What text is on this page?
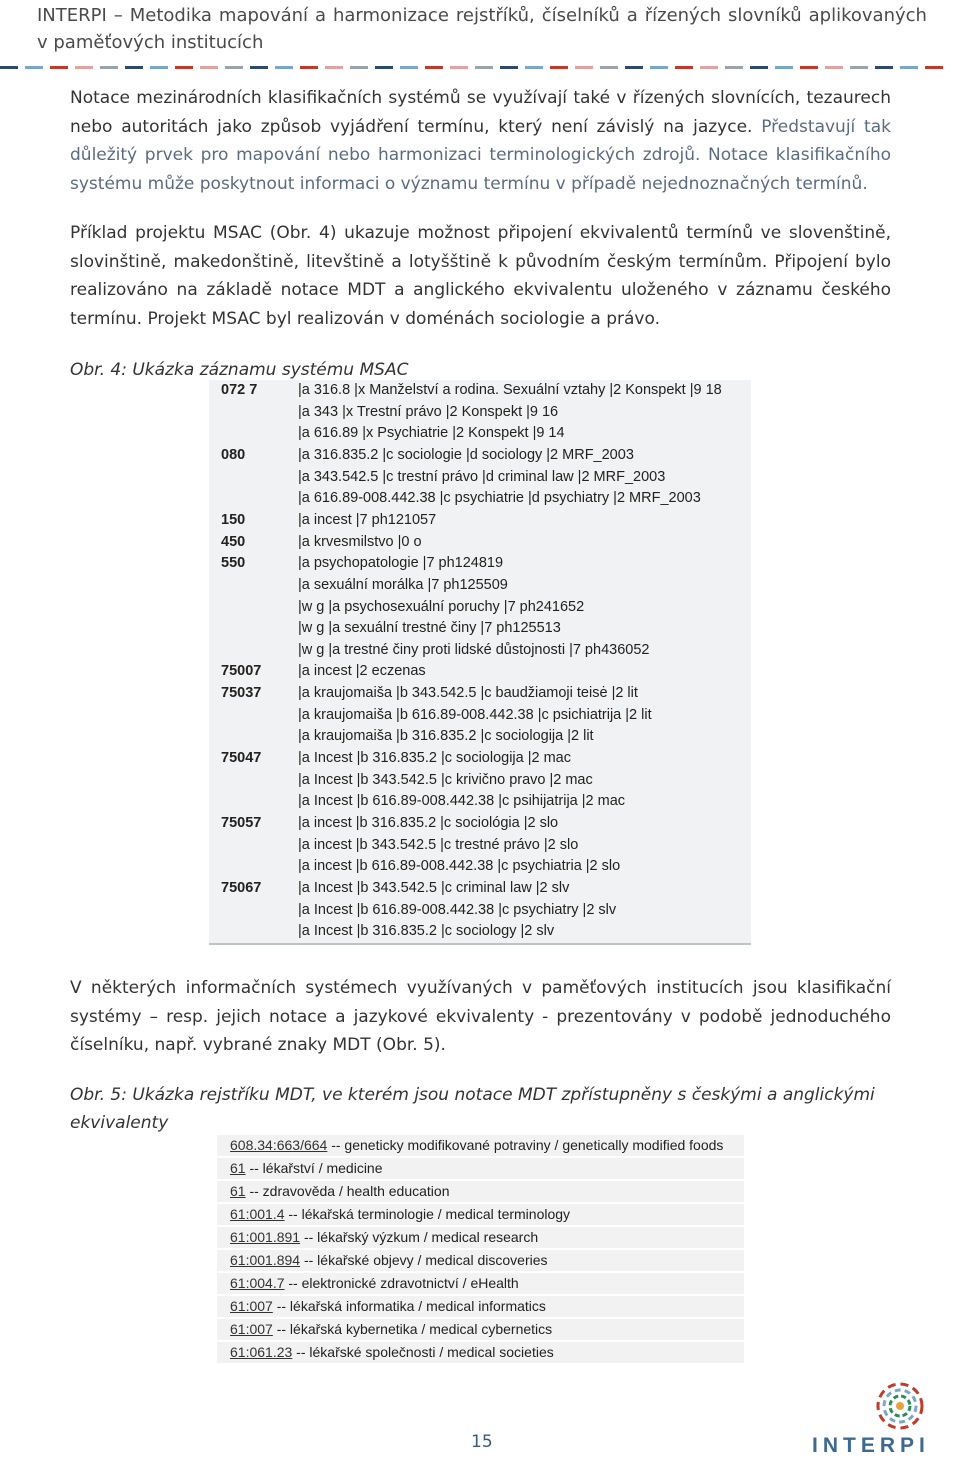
INTERPI – Metodika mapování a harmonizace rejstříků, číselníků a řízených slovníků aplikovaných
v paměťových institucích
Notace mezinárodních klasifikačních systémů se využívají také v řízených slovnících, tezaurech nebo autoritách jako způsob vyjádření termínu, který není závislý na jazyce. Představují tak důležitý prvek pro mapování nebo harmonizaci terminologických zdrojů. Notace klasifikačního systému může poskytnout informaci o významu termínu v případě nejednoznačných termínů.
Příklad projektu MSAC (Obr. 4) ukazuje možnost připojení ekvivalentů termínů ve slovenštině, slovinštině, makedonštině, litevštině a lotyšštině k původním českým termínům. Připojení bylo realizováno na základě notace MDT a anglického ekvivalentu uloženého v záznamu českého termínu. Projekt MSAC byl realizován v doménách sociologie a právo.
Obr. 4: Ukázka záznamu systému MSAC
072 7	|a 316.8 |x Manželství a rodina. Sexuální vztahy |2 Konspekt |9 18
|a 343 |x Trestní právo |2 Konspekt |9 16
|a 616.89 |x Psychiatrie |2 Konspekt |9 14
080	|a 316.835.2 |c sociologie |d sociology |2 MRF_2003
|a 343.542.5 |c trestní právo |d criminal law |2 MRF_2003
|a 616.89-008.442.38 |c psychiatrie |d psychiatry |2 MRF_2003
150	|a incest |7 ph121057
450	|a krvesmilstvo |0 o
550	|a psychopatologie |7 ph124819
|a sexuální morálka |7 ph125509
|w g |a psychosexuální poruchy |7 ph241652
|w g |a sexuální trestné činy |7 ph125513
|w g |a trestné činy proti lidské důstojnosti |7 ph436052
75007	|a incest |2 eczenas
75037	|a kraujomaiša |b 343.542.5 |c baudžiamoji teisė |2 lit
|a kraujomaiša |b 616.89-008.442.38 |c psichiatrija |2 lit
|a kraujomaiša |b 316.835.2 |c sociologija |2 lit
75047	|a Incest |b 316.835.2 |c sociologija |2 mac
|a Incest |b 343.542.5 |c krivično pravo |2 mac
|a Incest |b 616.89-008.442.38 |c psihijatrija |2 mac
75057	|a incest |b 316.835.2 |c sociológia |2 slo
|a incest |b 343.542.5 |c trestné právo |2 slo
|a incest |b 616.89-008.442.38 |c psychiatria |2 slo
75067	|a Incest |b 343.542.5 |c criminal law |2 slv
|a Incest |b 616.89-008.442.38 |c psychiatry |2 slv
|a Incest |b 316.835.2 |c sociology |2 slv
V některých informačních systémech využívaných v paměťových institucích jsou klasifikační systémy – resp. jejich notace a jazykové ekvivalenty - prezentovány v podobě jednoduchého číselníku, např. vybrané znaky MDT (Obr. 5).
Obr. 5: Ukázka rejstříku MDT, ve kterém jsou notace MDT zpřístupněny s českými a anglickými ekvivalenty
608.34:663/664 -- geneticky modifikované potraviny / genetically modified foods
61 -- lékařství / medicine
61 -- zdravověda / health education
61:001.4 -- lékařská terminologie / medical terminology
61:001.891 -- lékařský výzkum / medical research
61:001.894 -- lékařské objevy / medical discoveries
61:004.7 -- elektronické zdravotnictví / eHealth
61:007 -- lékařská informatika / medical informatics
61:007 -- lékařská kybernetika / medical cybernetics
61:061.23 -- lékařské společnosti / medical societies
15	INTERPI
